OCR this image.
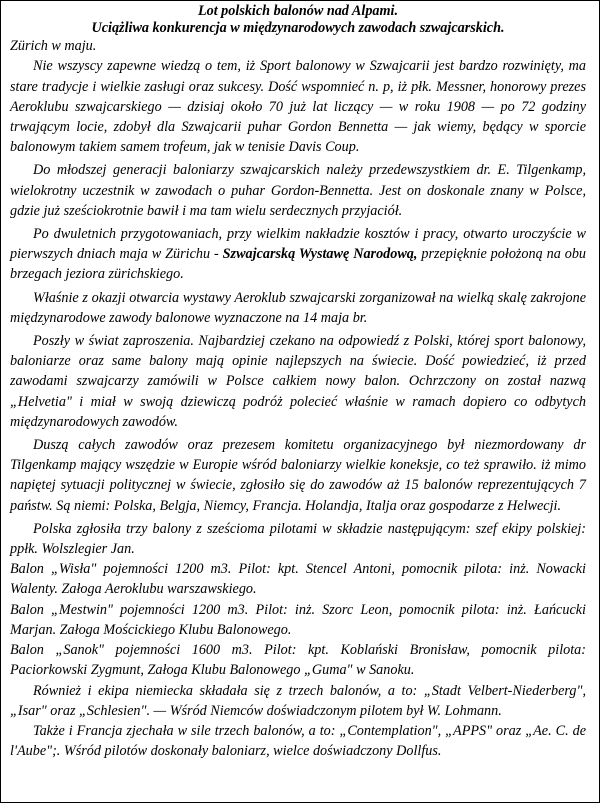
Lot polskich balonów nad Alpami.

Uciążliwa konkurencja w międzynarodowych zawodach szwajcarskich.

Zürich w maju.

Nie wszyscy zapewne wiedzą o tem, iż Sport balonowy w Szwajcarii jest bardzo rozwinięty, ma stare tradycje i wielkie zasługi oraz sukcesy. Dość wspomnieć n. p, iż płk. Messner, honorowy prezes Aeroklubu szwajcarskiego — dzisiaj około 70 już lat liczący — w roku 1908 — po 72 godziny trwającym locie, zdobył dla Szwajcarii puhar Gordon Bennetta — jak wiemy, będący w sporcie balonowym takiem samem trofeum, jak w tenisie Davis Coup.

Do młodszej generacji baloniarzy szwajcarskich należy przedewszystkiem dr. E. Tilgenkamp, wielokrotny uczestnik w zawodach o puhar Gordon-Bennetta. Jest on doskonale znany w Polsce, gdzie już sześciokrotnie bawił i ma tam wielu serdecznych przyjaciół.

Po dwuletnich przygotowaniach, przy wielkim nakładzie kosztów i pracy, otwarto uroczyście w pierwszych dniach maja w Zürichu - Szwajcarską Wystawę Narodową, przepięknie położoną na obu brzegach jeziora zürichskiego.

Właśnie z okazji otwarcia wystawy Aeroklub szwajcarski zorganizował na wielką skalę zakrojone międzynarodowe zawody balonowe wyznaczone na 14 maja br.

Poszły w świat zaproszenia. Najbardziej czekano na odpowiedź z Polski, której sport balonowy, baloniarze oraz same balony mają opinie najlepszych na świecie. Dość powiedzieć, iż przed zawodami szwajcarzy zamówili w Polsce całkiem nowy balon. Ochrzczony on został nazwą „Helvetia" i miał w swoją dziewiczą podróż polecieć właśnie w ramach dopiero co odbytych międzynarodowych zawodów.

Duszą całych zawodów oraz prezesem komitetu organizacyjnego był niezmordowany dr Tilgenkamp mający wszędzie w Europie wśród baloniarzy wielkie koneksje, co też sprawiło. iż mimo napiętej sytuacji politycznej w świecie, zgłosiło się do zawodów aż 15 balonów reprezentujących 7 państw. Są niemi: Polska, Belgja, Niemcy, Francja. Holandja, Italja oraz gospodarze z Helwecji.

Polska zgłosiła trzy balony z sześcioma pilotami w składzie następującym: szef ekipy polskiej: ppłk. Wolszlegier Jan.

Balon „Wisła" pojemności 1200 m3. Pilot: kpt. Stencel Antoni, pomocnik pilota: inż. Nowacki Walenty. Załoga Aeroklubu warszawskiego.

Balon „Mestwin" pojemności 1200 m3. Pilot: inż. Szorc Leon, pomocnik pilota: inż. Łańcucki Marjan. Załoga Mościckiego Klubu Balonowego.

Balon „Sanok" pojemności 1600 m3. Pilot: kpt. Koblański Bronisław, pomocnik pilota: Paciorkowski Zygmunt, Załoga Klubu Balonowego „Guma" w Sanoku.

Również i ekipa niemiecka składała się z trzech balonów, a to: „Stadt Velbert-Niederberg", „Isar" oraz „Schlesien". — Wśród Niemców doświadczonym pilotem był W. Lohmann.

Także i Francja zjechała w sile trzech balonów, a to: „Contemplation", „APPS" oraz „Ae. C. de l'Aube";. Wśród pilotów doskonały baloniarz, wielce doświadczony Dollfus.
